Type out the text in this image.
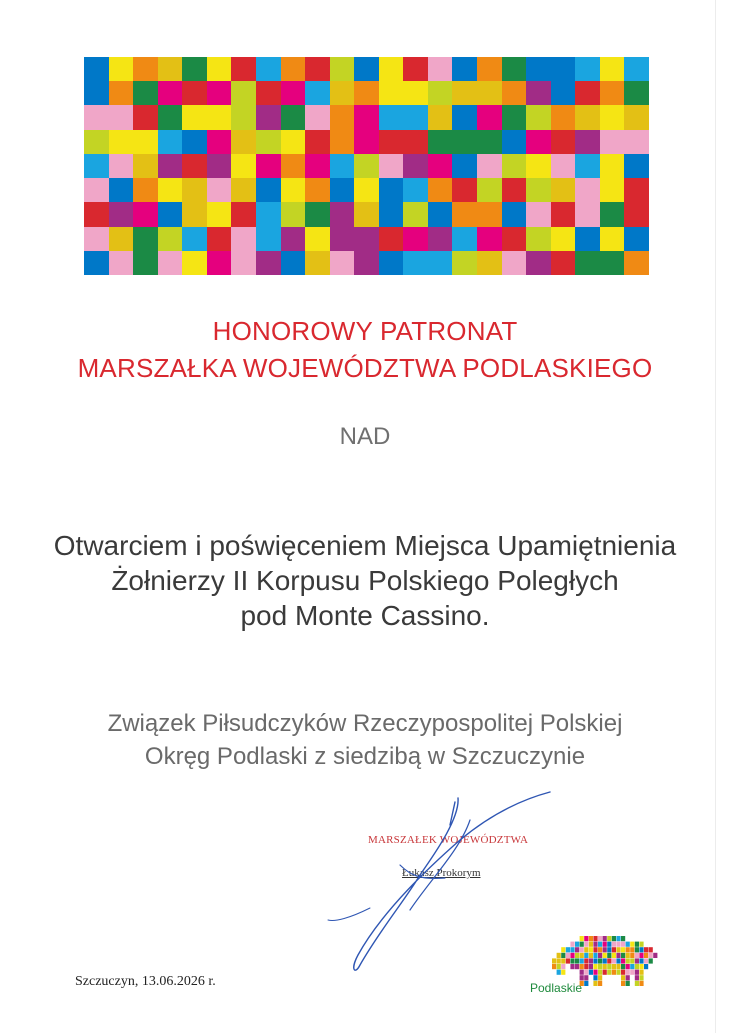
HONOROWY PATRONAT
MARSZAŁKA WOJEWÓDZTWA PODLASKIEGO
NAD
Otwarciem i poświęceniem Miejsca Upamiętnienia
Żołnierzy II Korpusu Polskiego Poległych
pod Monte Cassino.
Związek Piłsudczyków Rzeczypospolitej Polskiej
Okręg Podlaski z siedzibą w Szczuczynie
MARSZAŁEK WOJEWÓDZTWA
Łukasz Prokorym
Szczuczyn, 13.06.2026 r.	Podlaskie
